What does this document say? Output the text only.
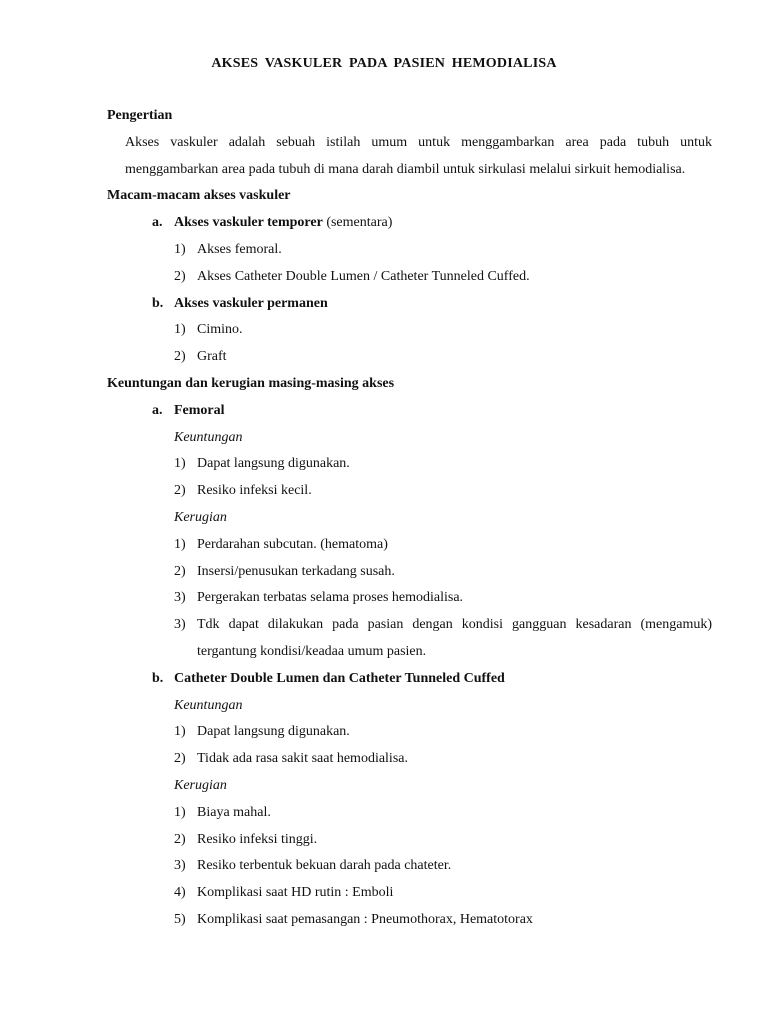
AKSES VASKULER PADA PASIEN HEMODIALISA
Pengertian
Akses vaskuler adalah sebuah istilah umum untuk menggambarkan area pada tubuh untuk menggambarkan area pada tubuh di mana darah diambil untuk sirkulasi melalui sirkuit hemodialisa.
Macam-macam akses vaskuler
a. Akses vaskuler temporer (sementara)
1) Akses femoral.
2) Akses Catheter Double Lumen / Catheter Tunneled Cuffed.
b. Akses vaskuler permanen
1) Cimino.
2) Graft
Keuntungan dan kerugian masing-masing akses
a. Femoral
Keuntungan
1) Dapat langsung digunakan.
2) Resiko infeksi kecil.
Kerugian
1) Perdarahan subcutan. (hematoma)
2) Insersi/penusukan terkadang susah.
3) Pergerakan terbatas selama proses hemodialisa.
3) Tdk dapat dilakukan pada pasian dengan kondisi gangguan kesadaran (mengamuk) tergantung kondisi/keadaa umum pasien.
b. Catheter Double Lumen dan Catheter Tunneled Cuffed
Keuntungan
1) Dapat langsung digunakan.
2) Tidak ada rasa sakit saat hemodialisa.
Kerugian
1) Biaya mahal.
2) Resiko infeksi tinggi.
3) Resiko terbentuk bekuan darah pada chateter.
4) Komplikasi saat HD rutin : Emboli
5) Komplikasi saat pemasangan : Pneumothorax, Hematotorax
